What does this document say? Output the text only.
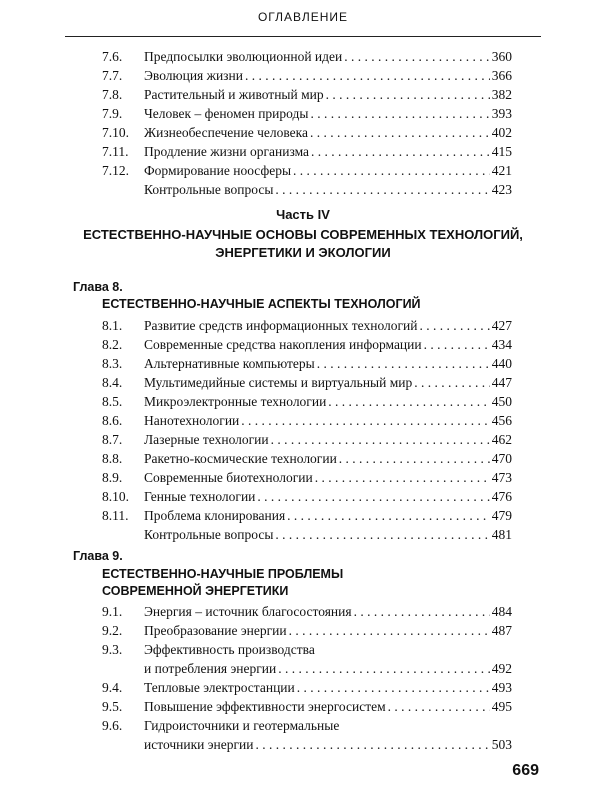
ОГЛАВЛЕНИЕ
7.6.	Предпосылки эволюционной идеи . . .	360
7.7.	Эволюция жизни . . .	366
7.8.	Растительный и животный мир . . .	382
7.9.	Человек – феномен природы . . .	393
7.10.	Жизнеобеспечение человека . . .	402
7.11.	Продление жизни организма . . .	415
7.12.	Формирование ноосферы . . .	421
Контрольные вопросы . . .	423
Часть IV
ЕСТЕСТВЕННО-НАУЧНЫЕ ОСНОВЫ СОВРЕМЕННЫХ ТЕХНОЛОГИЙ,
ЭНЕРГЕТИКИ И ЭКОЛОГИИ
Глава 8.
ЕСТЕСТВЕННО-НАУЧНЫЕ АСПЕКТЫ ТЕХНОЛОГИЙ
8.1.	Развитие средств информационных технологий . . .	427
8.2.	Современные средства накопления информации . . .	434
8.3.	Альтернативные компьютеры . . .	440
8.4.	Мультимедийные системы и виртуальный мир . . .	447
8.5.	Микроэлектронные технологии . . .	450
8.6.	Нанотехнологии . . .	456
8.7.	Лазерные технологии . . .	462
8.8.	Ракетно-космические технологии . . .	470
8.9.	Современные биотехнологии . . .	473
8.10.	Генные технологии . . .	476
8.11.	Проблема клонирования . . .	479
Контрольные вопросы . . .	481
Глава 9.
ЕСТЕСТВЕННО-НАУЧНЫЕ ПРОБЛЕМЫ
СОВРЕМЕННОЙ ЭНЕРГЕТИКИ
9.1.	Энергия – источник благосостояния . . .	484
9.2.	Преобразование энергии . . .	487
9.3.	Эффективность производства
и потребления энергии . . .	492
9.4.	Тепловые электростанции . . .	493
9.5.	Повышение эффективности энергосистем . . .	495
9.6.	Гидроисточники и геотермальные
источники энергии . . .	503
669
